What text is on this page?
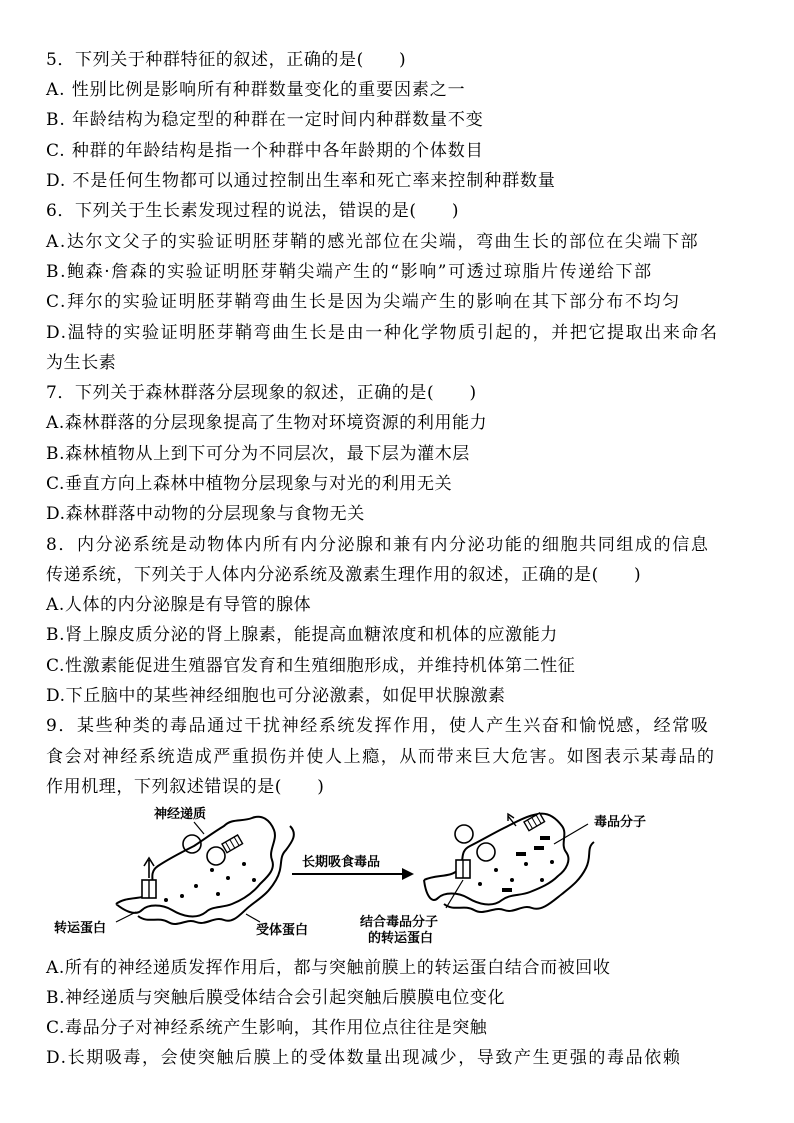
5．下列关于种群特征的叙述，正确的是(　　)
A. 性别比例是影响所有种群数量变化的重要因素之一
B. 年龄结构为稳定型的种群在一定时间内种群数量不变
C. 种群的年龄结构是指一个种群中各年龄期的个体数目
D. 不是任何生物都可以通过控制出生率和死亡率来控制种群数量
6．下列关于生长素发现过程的说法，错误的是(　　)
A.达尔文父子的实验证明胚芽鞘的感光部位在尖端，弯曲生长的部位在尖端下部
B.鲍森·詹森的实验证明胚芽鞘尖端产生的“影响”可透过琼脂片传递给下部
C.拜尔的实验证明胚芽鞘弯曲生长是因为尖端产生的影响在其下部分布不均匀
D.温特的实验证明胚芽鞘弯曲生长是由一种化学物质引起的，并把它提取出来命名
为生长素
7．下列关于森林群落分层现象的叙述，正确的是(　　)
A.森林群落的分层现象提高了生物对环境资源的利用能力
B.森林植物从上到下可分为不同层次，最下层为灌木层
C.垂直方向上森林中植物分层现象与对光的利用无关
D.森林群落中动物的分层现象与食物无关
8．内分泌系统是动物体内所有内分泌腺和兼有内分泌功能的细胞共同组成的信息
传递系统，下列关于人体内分泌系统及激素生理作用的叙述，正确的是(　　)
A.人体的内分泌腺是有导管的腺体
B.肾上腺皮质分泌的肾上腺素，能提高血糖浓度和机体的应激能力
C.性激素能促进生殖器官发育和生殖细胞形成，并维持机体第二性征
D.下丘脑中的某些神经细胞也可分泌激素，如促甲状腺激素
9．某些种类的毒品通过干扰神经系统发挥作用，使人产生兴奋和愉悦感，经常吸
食会对神经系统造成严重损伤并使人上瘾，从而带来巨大危害。如图表示某毒品的
作用机理，下列叙述错误的是(　　)
神经递质
转运蛋白	受体蛋白
长期吸食毒品
毒品分子
结合毒品分子
的转运蛋白
A.所有的神经递质发挥作用后，都与突触前膜上的转运蛋白结合而被回收
B.神经递质与突触后膜受体结合会引起突触后膜膜电位变化
C.毒品分子对神经系统产生影响，其作用位点往往是突触
D.长期吸毒，会使突触后膜上的受体数量出现减少，导致产生更强的毒品依赖
